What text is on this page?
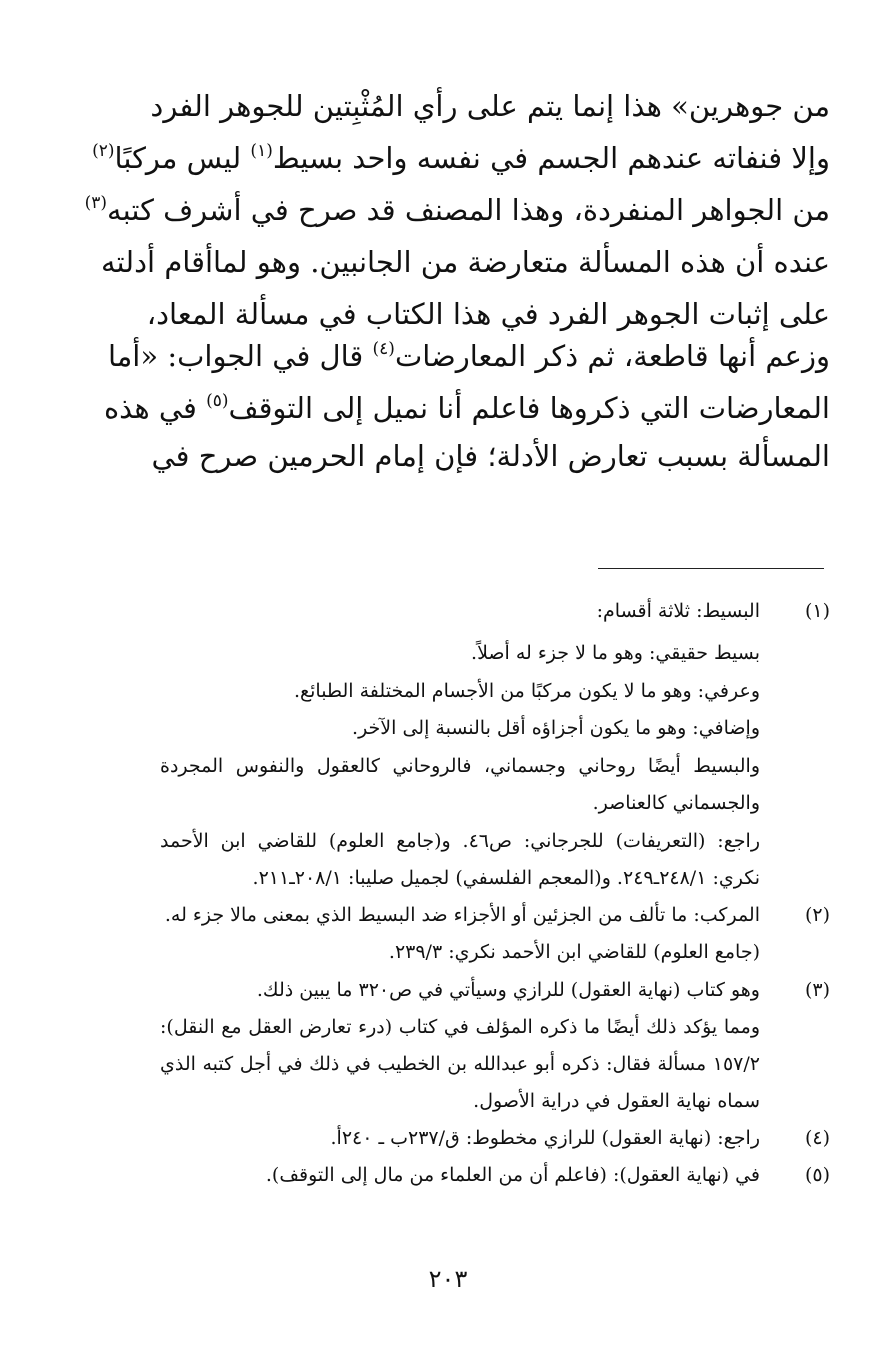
من جوهرين» هذا إنما يتم على رأي المُثْبِتين للجوهر الفرد
وإلا فنفاته عندهم الجسم في نفسه واحد بسيط$^{(١)}$ ليس مركبًا$^{(٢)}$
من الجواهر المنفردة، وهذا المصنف قد صرح في أشرف كتبه$^{(٣)}$
عنده أن هذه المسألة متعارضة من الجانبين. وهو لماأقام أدلته
على إثبات الجوهر الفرد في هذا الكتاب في مسألة المعاد،
وزعم أنها قاطعة، ثم ذكر المعارضات$^{(٤)}$ قال في الجواب: «أما
المعارضات التي ذكروها فاعلم أنا نميل إلى التوقف$^{(٥)}$ في هذه
المسألة بسبب تعارض الأدلة؛ فإن إمام الحرمين صرح في
(١)
البسيط: ثلاثة أقسام:
بسيط حقيقي: وهو ما لا جزء له أصلاً.
وعرفي: وهو ما لا يكون مركبًا من الأجسام المختلفة الطبائع.
وإضافي: وهو ما يكون أجزاؤه أقل بالنسبة إلى الآخر.
والبسيط أيضًا روحاني وجسماني، فالروحاني كالعقول والنفوس المجردة
والجسماني كالعناصر.
راجع: (التعريفات) للجرجاني: ص٤٦. و(جامع العلوم) للقاضي ابن الأحمد
نكري: ٢٤٨/١ـ٢٤٩. و(المعجم الفلسفي) لجميل صليبا: ٢٠٨/١ـ٢١١.
(٢)
المركب: ما تألف من الجزئين أو الأجزاء ضد البسيط الذي بمعنى مالا جزء له.
(جامع العلوم) للقاضي ابن الأحمد نكري: ٢٣٩/٣.
(٣)
وهو كتاب (نهاية العقول) للرازي وسيأتي في ص٣٢٠ ما يبين ذلك.
ومما يؤكد ذلك أيضًا ما ذكره المؤلف في كتاب (درء تعارض العقل مع النقل):
١٥٧/٢ مسألة فقال: ذكره أبو عبدالله بن الخطيب في ذلك في أجل كتبه الذي
سماه نهاية العقول في دراية الأصول.
(٤)
راجع: (نهاية العقول) للرازي مخطوط: ق/٢٣٧ب ـ ٢٤٠أ.
(٥)
في (نهاية العقول): (فاعلم أن من العلماء من مال إلى التوقف).
٢٠٣
